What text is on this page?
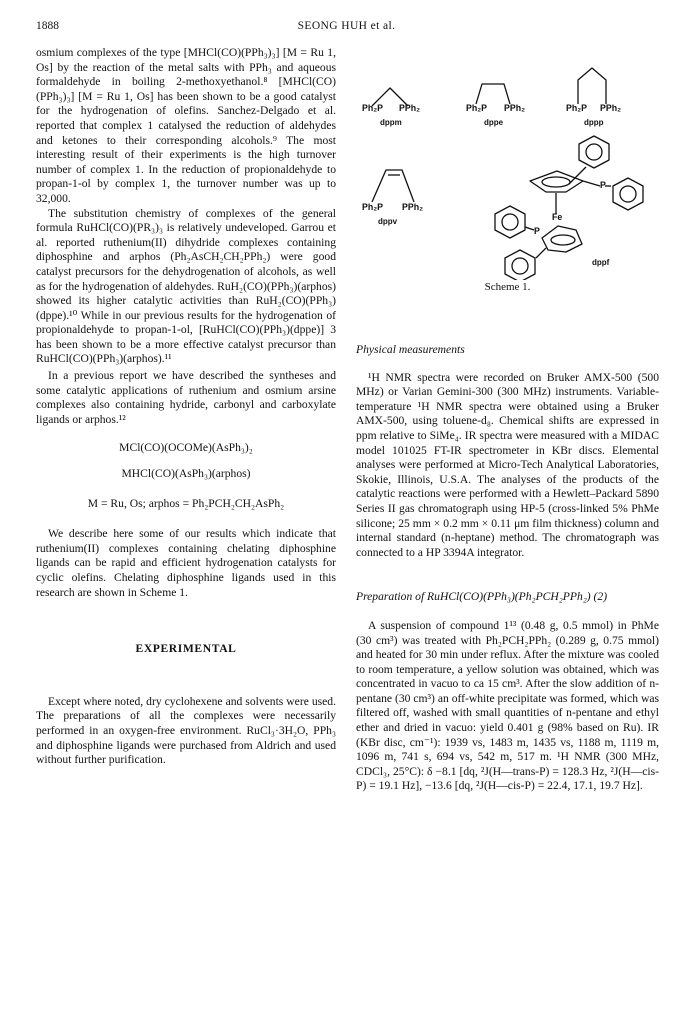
1888	SEONG HUH et al.

osmium complexes of the type [MHCl(CO)(PPh₃)₃] [M = Ru 1, Os] by the reaction of the metal salts with PPh₃ and aqueous formaldehyde in boiling 2-methoxyethanol.⁸ [MHCl(CO)(PPh₃)₃] [M = Ru 1, Os] has been shown to be a good catalyst for the hydrogenation of olefins. Sanchez-Delgado et al. reported that complex 1 catalysed the reduction of aldehydes and ketones to their corresponding alcohols.⁹ The most interesting result of their experiments is the high turnover number of complex 1. In the reduction of propionaldehyde to propan-1-ol by complex 1, the turnover number was up to 32,000.

The substitution chemistry of complexes of the general formula RuHCl(CO)(PR₃)₃ is relatively undeveloped. Garrou et al. reported ruthenium(II) dihydride complexes containing diphosphine and arphos (Ph₂AsCH₂CH₂PPh₂) were good catalyst precursors for the dehydrogenation of alcohols, as well as for the hydrogenation of aldehydes. RuH₂(CO)(PPh₃)(arphos) showed its higher catalytic activities than RuH₂(CO)(PPh₃)(dppe).¹⁰ While in our previous results for the hydrogenation of propionaldehyde to propan-1-ol, [RuHCl(CO)(PPh₃)(dppe)] 3 has been shown to be a more effective catalyst precursor than RuHCl(CO)(PPh₃)(arphos).¹¹

In a previous report we have described the syntheses and some catalytic applications of ruthenium and osmium arsine complexes also containing hydride, carbonyl and carboxylate ligands or arphos.¹²

MCl(CO)(OCOMe)(AsPh₃)₂

MHCl(CO)(AsPh₃)(arphos)

M = Ru, Os; arphos = Ph₂PCH₂CH₂AsPh₂

We describe here some of our results which indicate that ruthenium(II) complexes containing chelating diphosphine ligands can be rapid and efficient hydrogenation catalysts for cyclic olefins. Chelating diphosphine ligands used in this research are shown in Scheme 1.

EXPERIMENTAL

Except where noted, dry cyclohexene and solvents were used. The preparations of all the complexes were necessarily performed in an oxygen-free environment. RuCl₃·3H₂O, PPh₃ and diphosphine ligands were purchased from Aldrich and used without further purification.

Ph₂P PPh₂
dppm
Ph₂P PPh₂
dppe
Ph₂P PPh₂
dppp
Ph₂P PPh₂
dppv
P
Fe
P
dppf
Scheme 1.

Physical measurements

¹H NMR spectra were recorded on Bruker AMX-500 (500 MHz) or Varian Gemini-300 (300 MHz) instruments. Variable-temperature ¹H NMR spectra were obtained using a Bruker AMX-500, using toluene-d₈. Chemical shifts are expressed in ppm relative to SiMe₄. IR spectra were measured with a MIDAC model 101025 FT-IR spectrometer in KBr discs. Elemental analyses were performed at Micro-Tech Analytical Laboratories, Skokie, Illinois, U.S.A. The analyses of the products of the catalytic reactions were performed with a Hewlett–Packard 5890 Series II gas chromatograph using HP-5 (cross-linked 5% PhMe silicone; 25 mm × 0.2 mm × 0.11 μm film thickness) column and internal standard (n-heptane) method. The chromatograph was connected to a HP 3394A integrator.

Preparation of RuHCl(CO)(PPh₃)(Ph₂PCH₂PPh₂) (2)

A suspension of compound 1¹³ (0.48 g, 0.5 mmol) in PhMe (30 cm³) was treated with Ph₂PCH₂PPh₂ (0.289 g, 0.75 mmol) and heated for 30 min under reflux. After the mixture was cooled to room temperature, a yellow solution was obtained, which was concentrated in vacuo to ca 15 cm³. After the slow addition of n-pentane (30 cm³) an off-white precipitate was formed, which was filtered off, washed with small quantities of n-pentane and ethyl ether and dried in vacuo: yield 0.401 g (98% based on Ru). IR (KBr disc, cm⁻¹): 1939 vs, 1483 m, 1435 vs, 1188 m, 1119 m, 1096 m, 741 s, 694 vs, 542 m, 517 m. ¹H NMR (300 MHz, CDCl₃, 25°C): δ −8.1 [dq, ²J(H—trans-P) = 128.3 Hz, ²J(H—cis-P) = 19.1 Hz], −13.6 [dq, ²J(H—cis-P) = 22.4, 17.1, 19.7 Hz].
